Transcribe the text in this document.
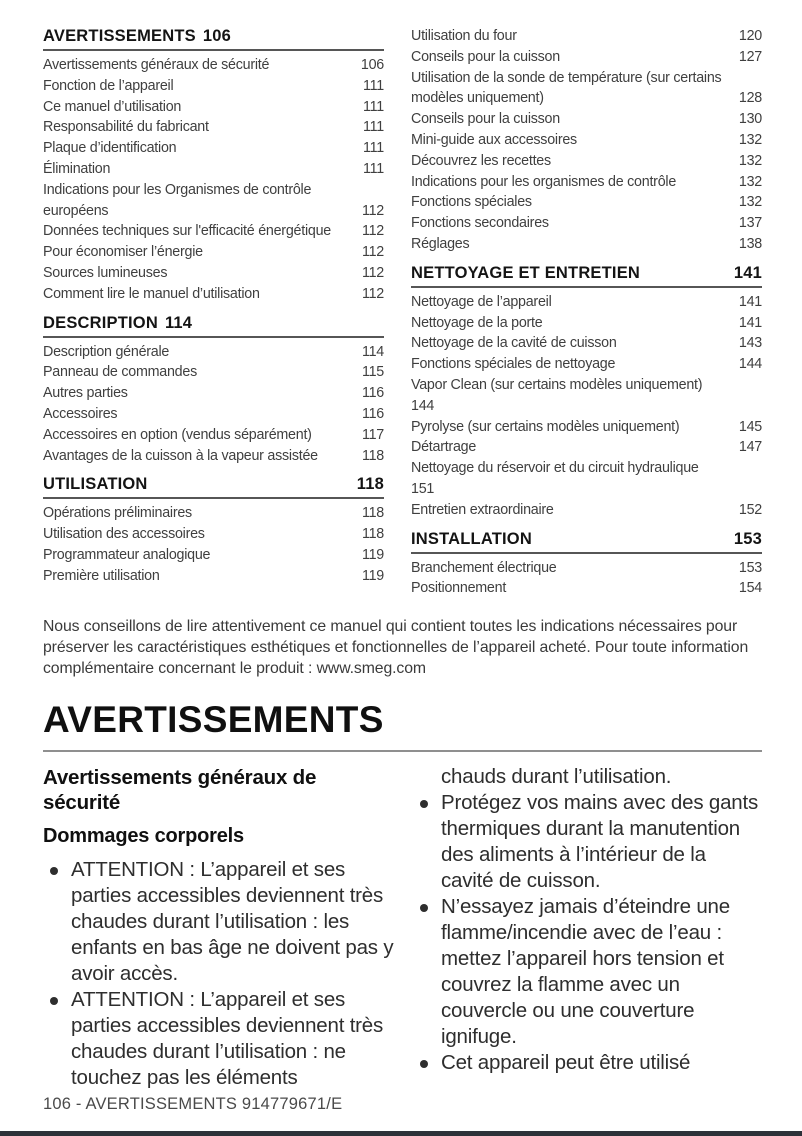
AVERTISSEMENTS 106
Avertissements généraux de sécurité	106
Fonction de l’appareil	111
Ce manuel d’utilisation	111
Responsabilité du fabricant	111
Plaque d’identification	111
Élimination	111
Indications pour les Organismes de contrôle européens	112
Données techniques sur l'efficacité énergétique	112
Pour économiser l’énergie	112
Sources lumineuses	112
Comment lire le manuel d’utilisation	112
DESCRIPTION 114
Description générale	114
Panneau de commandes	115
Autres parties	116
Accessoires	116
Accessoires en option (vendus séparément)	117
Avantages de la cuisson à la vapeur assistée	118
UTILISATION	118
Opérations préliminaires	118
Utilisation des accessoires	118
Programmateur analogique	119
Première utilisation	119
Utilisation du four	120
Conseils pour la cuisson	127
Utilisation de la sonde de température (sur certains modèles uniquement)	128
Conseils pour la cuisson	130
Mini-guide aux accessoires	132
Découvrez les recettes	132
Indications pour les organismes de contrôle	132
Fonctions spéciales	132
Fonctions secondaires	137
Réglages	138
NETTOYAGE ET ENTRETIEN	141
Nettoyage de l’appareil	141
Nettoyage de la porte	141
Nettoyage de la cavité de cuisson	143
Fonctions spéciales de nettoyage	144
Vapor Clean (sur certains modèles uniquement)
144
Pyrolyse (sur certains modèles uniquement)	145
Détartrage	147
Nettoyage du réservoir et du circuit hydraulique
151
Entretien extraordinaire	152
INSTALLATION	153
Branchement électrique	153
Positionnement	154

Nous conseillons de lire attentivement ce manuel qui contient toutes les indications nécessaires pour préserver les caractéristiques esthétiques et fonctionnelles de l’appareil acheté. Pour toute information complémentaire concernant le produit : www.smeg.com

AVERTISSEMENTS
Avertissements généraux de sécurité
Dommages corporels
ATTENTION : L’appareil et ses parties accessibles deviennent très chaudes durant l’utilisation : les enfants en bas âge ne doivent pas y avoir accès.
ATTENTION : L’appareil et ses parties accessibles deviennent très chaudes durant l’utilisation : ne touchez pas les éléments
chauds durant l’utilisation.
Protégez vos mains avec des gants thermiques durant la manutention des aliments à l’intérieur de la cavité de cuisson.
N’essayez jamais d’éteindre une flamme/incendie avec de l’eau : mettez l’appareil hors tension et couvrez la flamme avec un couvercle ou une couverture ignifuge.
Cet appareil peut être utilisé
106 - AVERTISSEMENTS 914779671/E
